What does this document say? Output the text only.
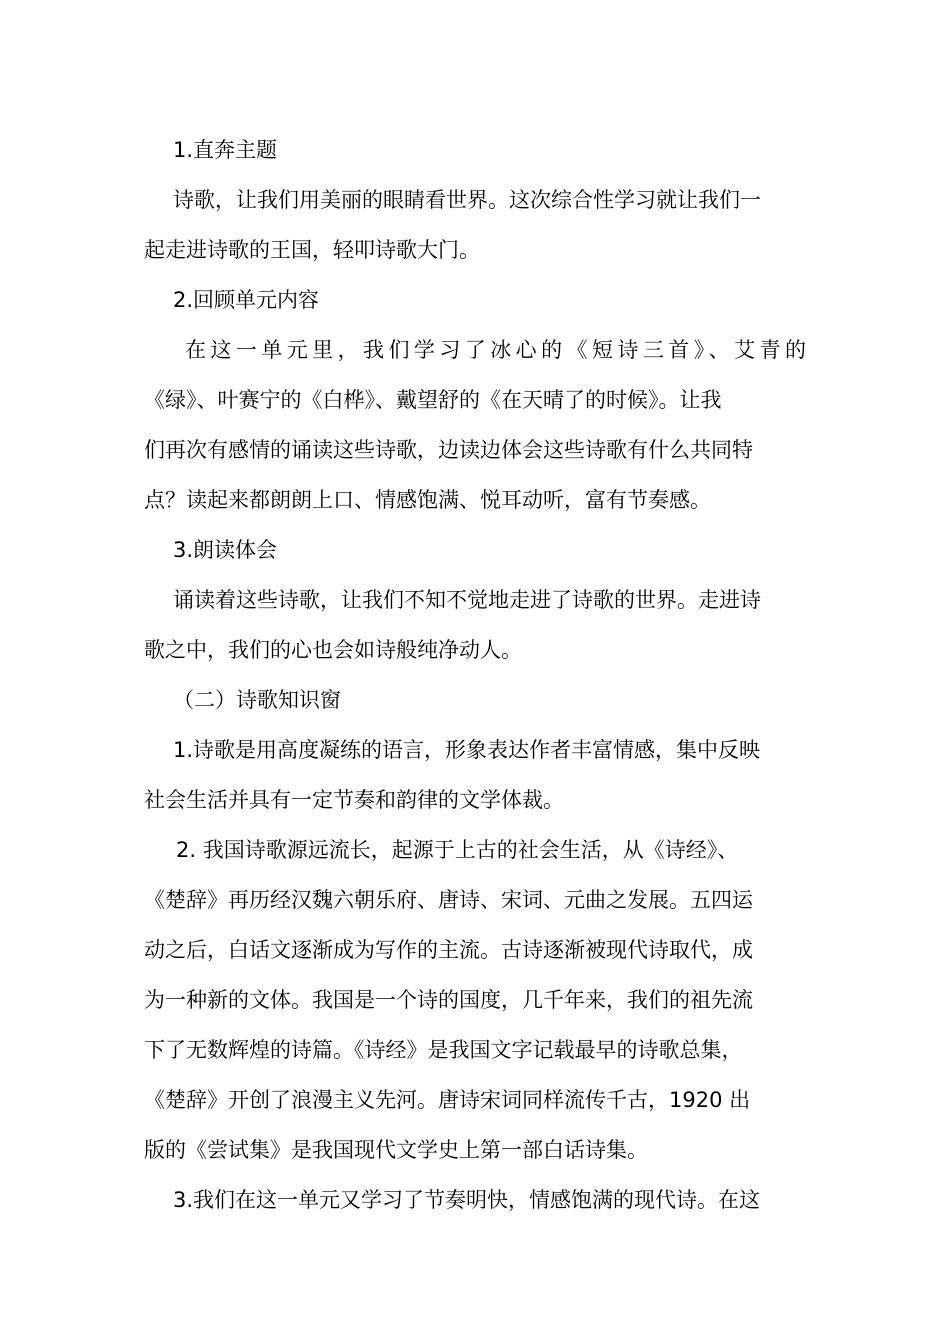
1.直奔主题
诗歌，让我们用美丽的眼睛看世界。这次综合性学习就让我们一
起走进诗歌的王国，轻叩诗歌大门。
2.回顾单元内容
在这一单元里，我们学习了冰心的《短诗三首》、艾青的
《绿》、叶赛宁的《白桦》、戴望舒的《在天晴了的时候》。让我
们再次有感情的诵读这些诗歌，边读边体会这些诗歌有什么共同特
点？读起来都朗朗上口、情感饱满、悦耳动听，富有节奏感。
3.朗读体会
诵读着这些诗歌，让我们不知不觉地走进了诗歌的世界。走进诗
歌之中，我们的心也会如诗般纯净动人。
（二）诗歌知识窗
1.诗歌是用高度凝练的语言，形象表达作者丰富情感，集中反映
社会生活并具有一定节奏和韵律的文学体裁。
2. 我国诗歌源远流长，起源于上古的社会生活，从《诗经》、
《楚辞》再历经汉魏六朝乐府、唐诗、宋词、元曲之发展。五四运
动之后，白话文逐渐成为写作的主流。古诗逐渐被现代诗取代，成
为一种新的文体。我国是一个诗的国度，几千年来，我们的祖先流
下了无数辉煌的诗篇。《诗经》是我国文字记载最早的诗歌总集，
《楚辞》开创了浪漫主义先河。唐诗宋词同样流传千古，1920 出
版的《尝试集》是我国现代文学史上第一部白话诗集。
3.我们在这一单元又学习了节奏明快，情感饱满的现代诗。在这
